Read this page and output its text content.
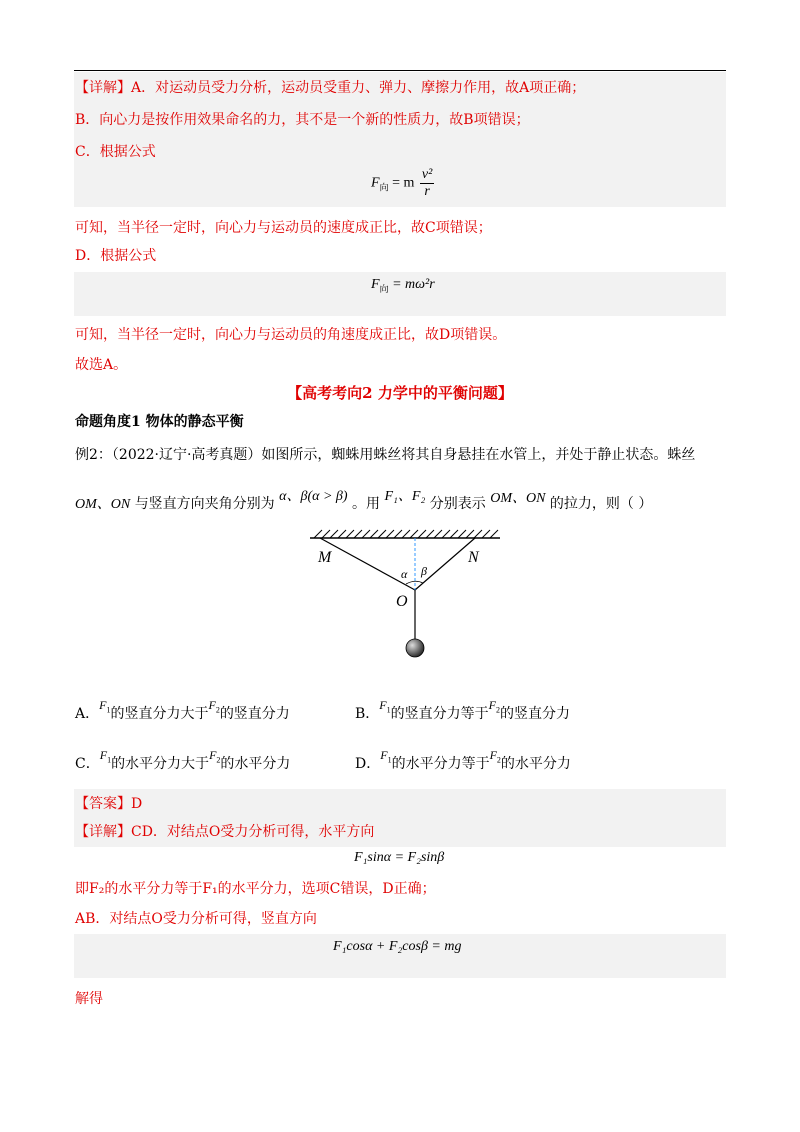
【详解】A．对运动员受力分析，运动员受重力、弹力、摩擦力作用，故A项正确；
B．向心力是按作用效果命名的力，其不是一个新的性质力，故B项错误；
C．根据公式
$F_向 = m \frac{\text{v²}}{r}$
可知，当半径一定时，向心力与运动员的速度成正比，故C项错误；
D．根据公式
$F_向 = m\omega^2r$
可知，当半径一定时，向心力与运动员的角速度成正比，故D项错误。
故选A。
【高考考向2 力学中的平衡问题】
命题角度1 物体的静态平衡
例2：（2022·辽宁·高考真题）如图所示，蜘蛛用蛛丝将其自身悬挂在水管上，并处于静止状态。蛛丝
OM、ON 与竖直方向夹角分别为 α、β(α > β) 。用 F₁、F₂ 分别表示 OM、ON 的拉力，则（ ）
M	N
O
α β
A．$F_1$的竖直分力大于$F_2$的竖直分力	B．$F_1$的竖直分力等于$F_2$的竖直分力
C．$F_1$的水平分力大于$F_2$的水平分力	D．$F_1$的水平分力等于$F_2$的水平分力
【答案】D
【详解】CD．对结点O受力分析可得，水平方向
F₁sinα = F₂sinβ
即F₂的水平分力等于F₁的水平分力，选项C错误，D正确；
AB．对结点O受力分析可得，竖直方向
F₁cosα + F₂cosβ = mg
解得
